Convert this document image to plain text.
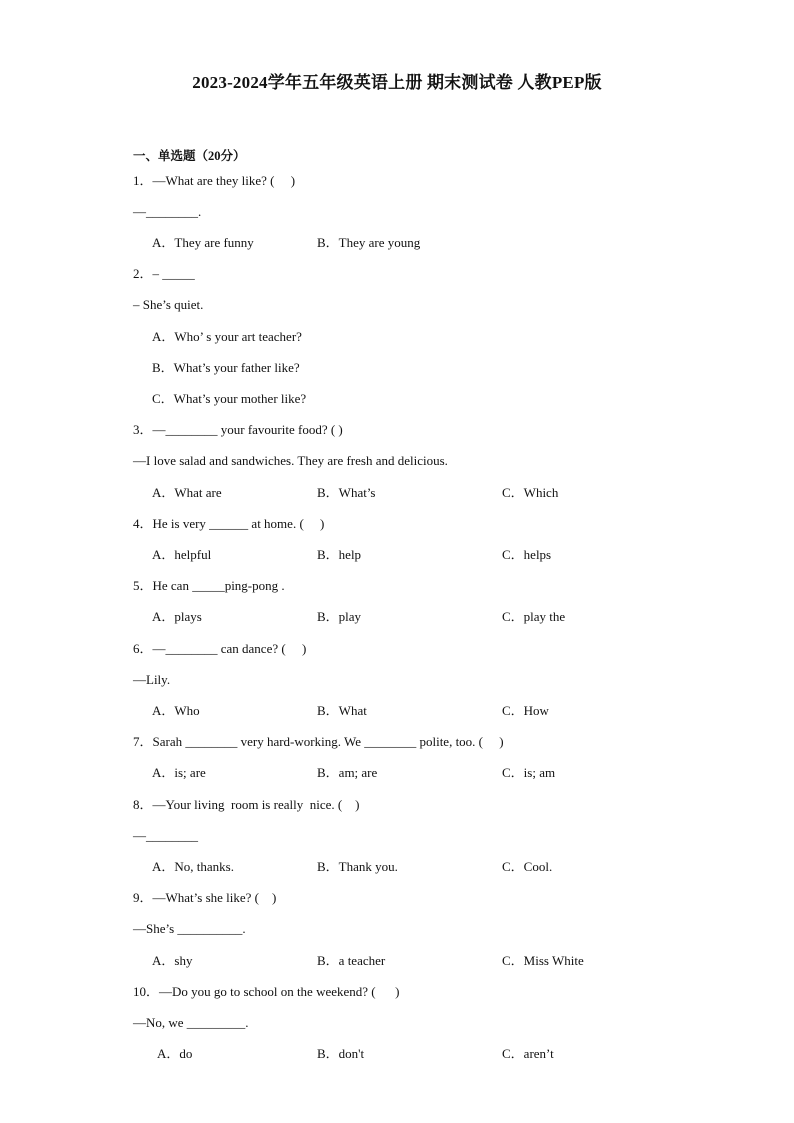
2023-2024学年五年级英语上册 期末测试卷 人教PEP版
一、单选题（20分）
1．—What are they like? (     )
—________.
A．They are funny	B．They are young
2．– _____
– She’s quiet.
A．Who’ s your art teacher?
B．What’s your father like?
C．What’s your mother like?
3．—________ your favourite food? ( )
—I love salad and sandwiches. They are fresh and delicious.
A．What are	B．What’s	C．Which
4．He is very ______ at home. (     )
A．helpful	B．help	C．helps
5．He can _____ping-pong .
A．plays	B．play	C．play the
6．—________ can dance? (     )
—Lily.
A．Who	B．What	C．How
7．Sarah ________ very hard-working. We ________ polite, too. (     )
A．is; are	B．am; are	C．is; am
8．—Your living  room is really  nice. (    )
—________
A．No, thanks.	B．Thank you.	C．Cool.
9．—What’s she like? (    )
—She’s __________.
A．shy	B．a teacher	C．Miss White
10．—Do you go to school on the weekend? (      )
—No, we _________.
A．do	B．don't	C．aren’t
